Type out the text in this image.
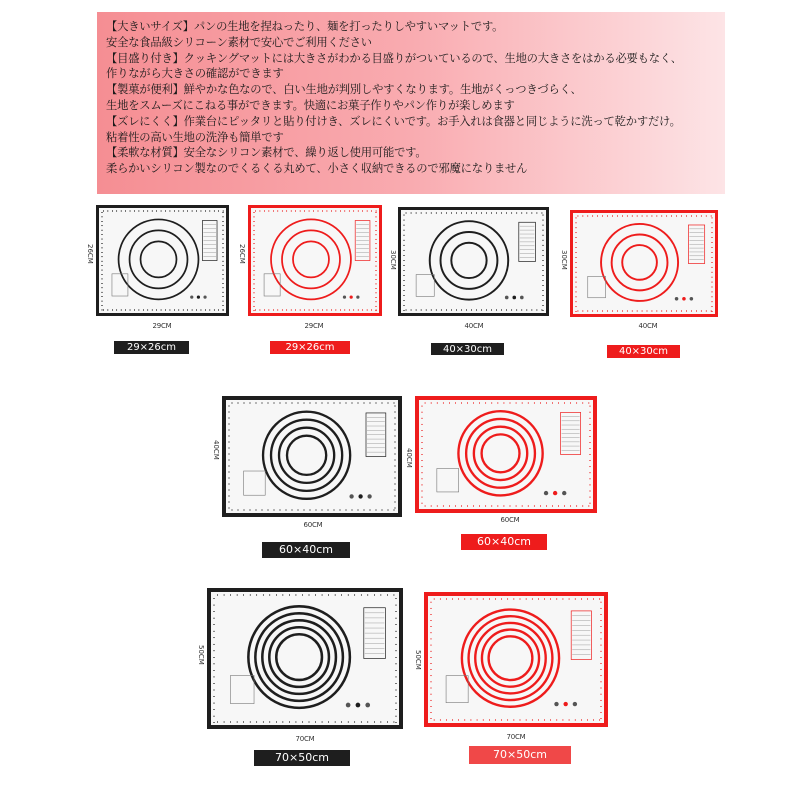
【大きいサイズ】パンの生地を捏ねったり、麺を打ったりしやすいマットです。
安全な食品級シリコーン素材で安心でご利用ください
【目盛り付き】クッキングマットには大きさがわかる目盛りがついているので、生地の大きさをはかる必要もなく、
作りながら大きさの確認ができます
【製菓が便利】鮮やかな色なので、白い生地が判別しやすくなります。生地がくっつきづらく、
生地をスムーズにこねる事ができます。快適にお菓子作りやパン作りが楽しめます
【ズレにくく】作業台にピッタリと貼り付けき、ズレにくいです。お手入れは食器と同じように洗って乾かすだけ。
粘着性の高い生地の洗浄も簡単です
【柔軟な材質】安全なシリコン素材で、繰り返し使用可能です。
柔らかいシリコン製なのでくるくる丸めて、小さく収納できるので邪魔になりません
29CM
26CM
29×26cm
29CM
26CM
29×26cm
40CM
30CM
40×30cm
40CM
30CM
40×30cm
60CM
40CM
60×40cm
60CM
40CM
60×40cm
70CM
50CM
70×50cm
70CM
50CM
70×50cm
